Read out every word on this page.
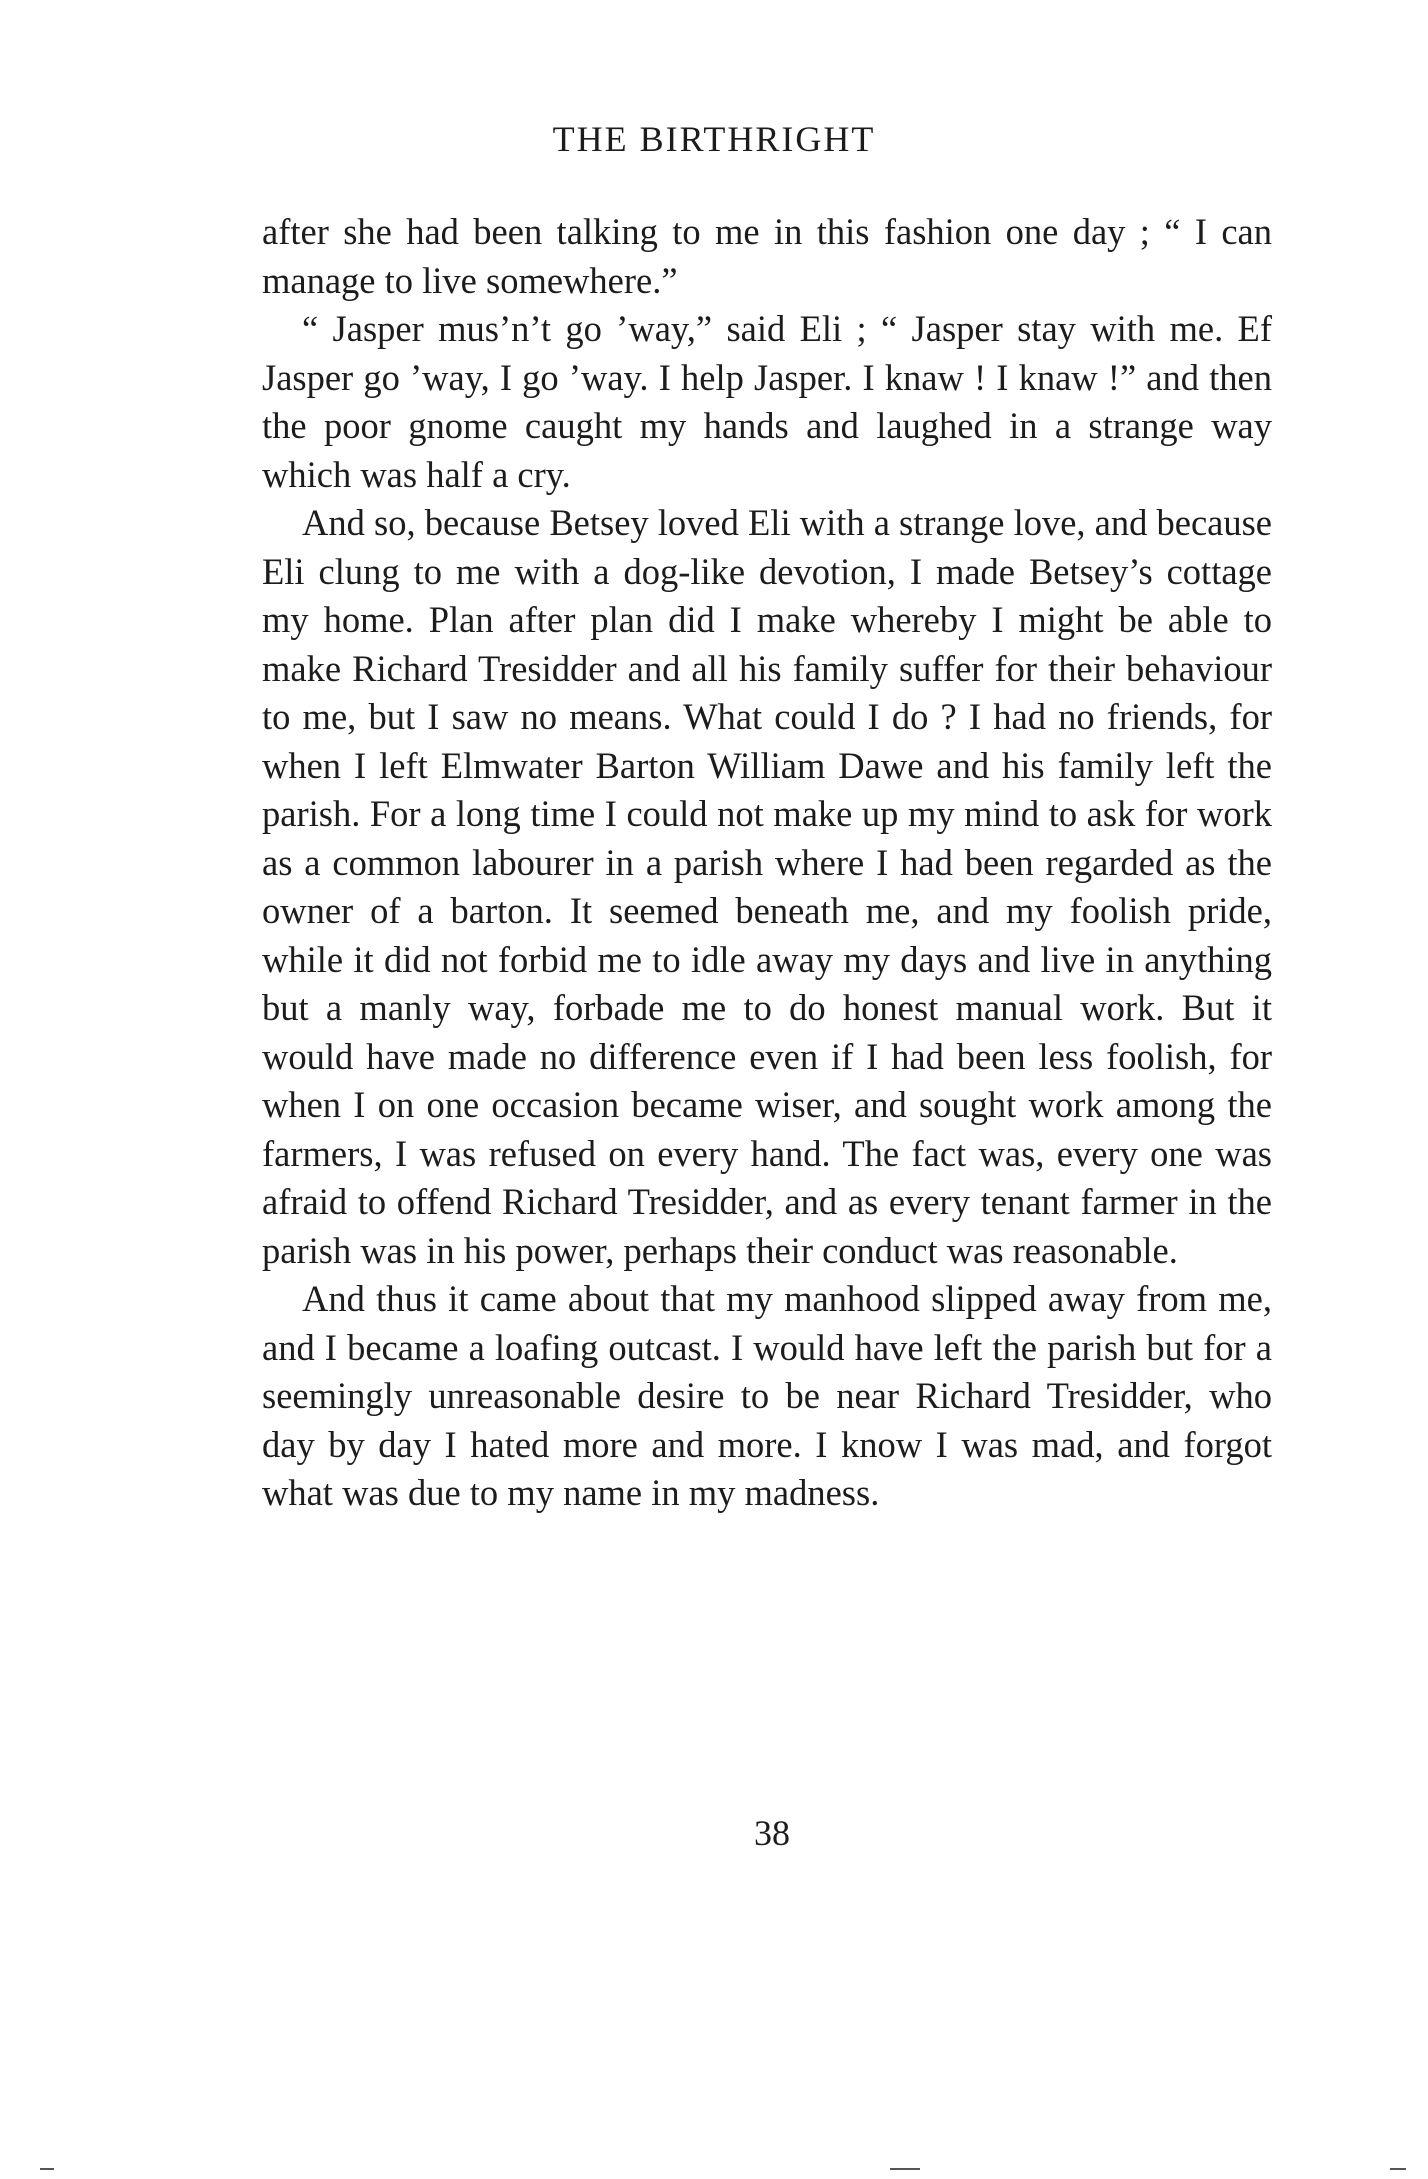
THE BIRTHRIGHT

after she had been talking to me in this fashion one day ; “ I can manage to live somewhere.”

“ Jasper mus’n’t go ’way,” said Eli ; “ Jasper stay with me. Ef Jasper go ’way, I go ’way. I help Jasper. I knaw ! I knaw !” and then the poor gnome caught my hands and laughed in a strange way which was half a cry.

And so, because Betsey loved Eli with a strange love, and because Eli clung to me with a dog-like devotion, I made Betsey’s cottage my home. Plan after plan did I make whereby I might be able to make Richard Tresidder and all his family suffer for their behaviour to me, but I saw no means. What could I do ? I had no friends, for when I left Elmwater Barton William Dawe and his family left the parish. For a long time I could not make up my mind to ask for work as a common labourer in a parish where I had been regarded as the owner of a barton. It seemed beneath me, and my foolish pride, while it did not forbid me to idle away my days and live in anything but a manly way, forbade me to do honest manual work. But it would have made no difference even if I had been less foolish, for when I on one occasion became wiser, and sought work among the farmers, I was refused on every hand. The fact was, every one was afraid to offend Richard Tresidder, and as every tenant farmer in the parish was in his power, perhaps their conduct was reasonable.

And thus it came about that my manhood slipped away from me, and I became a loafing outcast. I would have left the parish but for a seemingly unreasonable desire to be near Richard Tresidder, who day by day I hated more and more. I know I was mad, and forgot what was due to my name in my madness.

38
